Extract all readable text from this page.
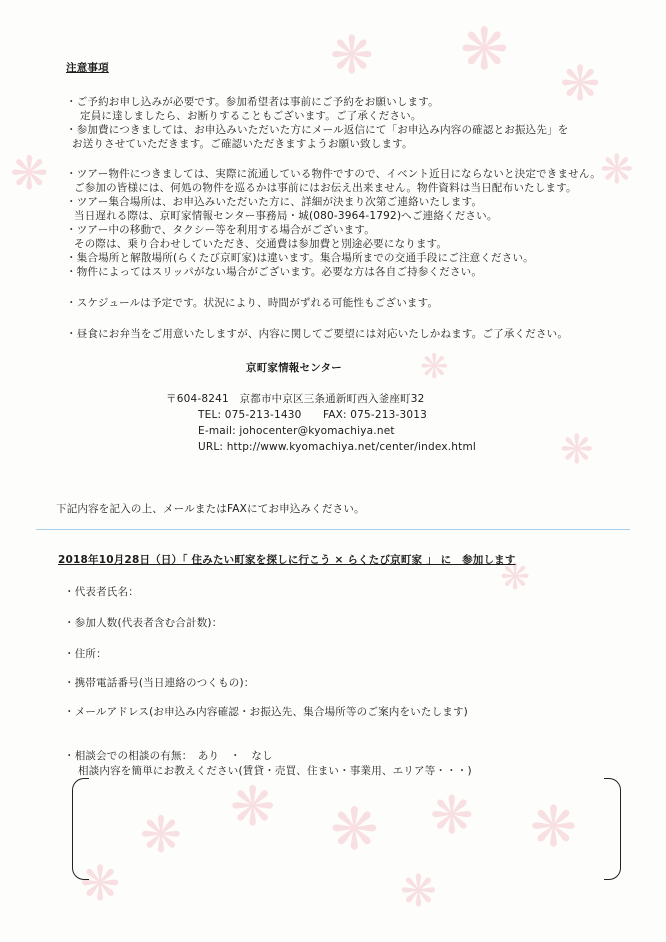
❋ ❋
❋
❋
❋
❋
❋
❋
❋ ❋ ❋ ❋ ❋
❋	❋
注意事項
・ご予約お申し込みが必要です。参加希望者は事前にご予約をお願いします。
定員に達しましたら、お断りすることもございます。ご了承ください。
・参加費につきましては、お申込みいただいた方にメール返信にて「お申込み内容の確認とお振込先」を
お送りさせていただきます。ご確認いただきますようお願い致します。
・ツアー物件につきましては、実際に流通している物件ですので、イベント近日にならないと決定できません。
ご参加の皆様には、何処の物件を巡るかは事前にはお伝え出来ません。物件資料は当日配布いたします。
・ツアー集合場所は、お申込みいただいた方に、詳細が決まり次第ご連絡いたします。
当日遅れる際は、京町家情報センター事務局・城(080-3964-1792)へご連絡ください。
・ツアー中の移動で、タクシー等を利用する場合がございます。
その際は、乗り合わせしていただき、交通費は参加費と別途必要になります。
・集合場所と解散場所(らくたび京町家)は違います。集合場所までの交通手段にご注意ください。
・物件によってはスリッパがない場合がございます。必要な方は各自ご持参ください。
・スケジュールは予定です。状況により、時間がずれる可能性もございます。
・昼食にお弁当をご用意いたしますが、内容に関してご要望には対応いたしかねます。ご了承ください。
京町家情報センター
〒604-8241　京都市中京区三条通新町西入釜座町32
TEL: 075-213-1430　　FAX: 075-213-3013
E-mail: johocenter@kyomachiya.net
URL: http://www.kyomachiya.net/center/index.html
下記内容を記入の上、メールまたはFAXにてお申込みください。
2018年10月28日（日）「 住みたい町家を探しに行こう × らくたび京町家 」 に　参加します
・代表者氏名：
・参加人数(代表者含む合計数)：
・住所：
・携帯電話番号(当日連絡のつくもの)：
・メールアドレス(お申込み内容確認・お振込先、集合場所等のご案内をいたします)
・相談会での相談の有無：　あり　・　なし
相談内容を簡単にお教えください(賃貸・売買、住まい・事業用、エリア等・・・)
